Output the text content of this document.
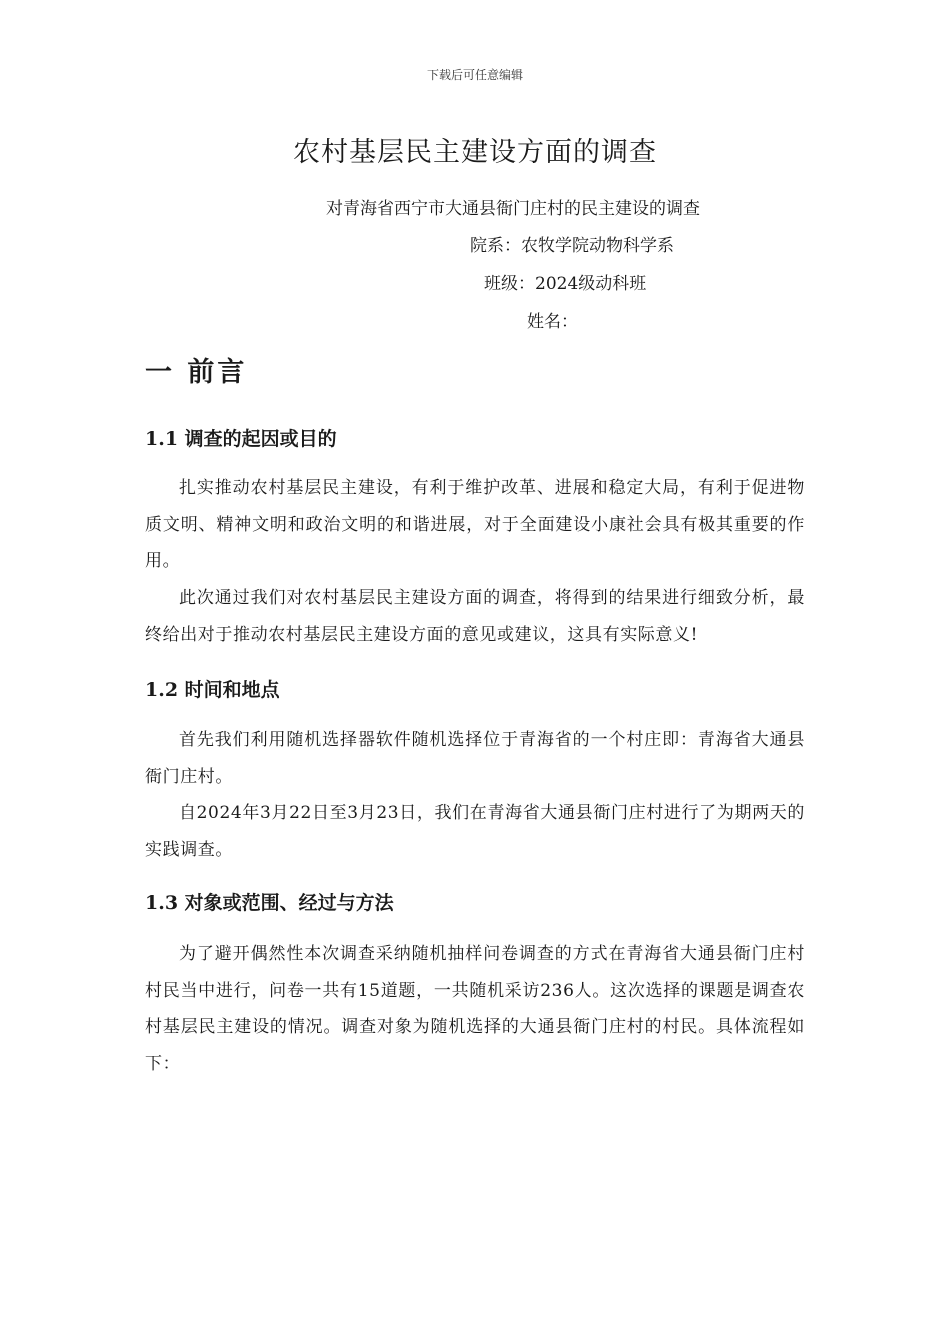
下载后可任意编辑
农村基层民主建设方面的调查
对青海省西宁市大通县衙门庄村的民主建设的调查
院系：农牧学院动物科学系
班级：2024级动科班
姓名：
一 前言
1.1 调查的起因或目的
扎实推动农村基层民主建设，有利于维护改革、进展和稳定大局，有利于促进物质文明、精神文明和政治文明的和谐进展，对于全面建设小康社会具有极其重要的作用。
此次通过我们对农村基层民主建设方面的调查，将得到的结果进行细致分析，最终给出对于推动农村基层民主建设方面的意见或建议，这具有实际意义!
1.2 时间和地点
首先我们利用随机选择器软件随机选择位于青海省的一个村庄即：青海省大通县衙门庄村。
自2024年3月22日至3月23日，我们在青海省大通县衙门庄村进行了为期两天的实践调查。
1.3 对象或范围、经过与方法
为了避开偶然性本次调查采纳随机抽样问卷调查的方式在青海省大通县衙门庄村村民当中进行，问卷一共有15道题，一共随机采访236人。这次选择的课题是调查农村基层民主建设的情况。调查对象为随机选择的大通县衙门庄村的村民。具体流程如下：
